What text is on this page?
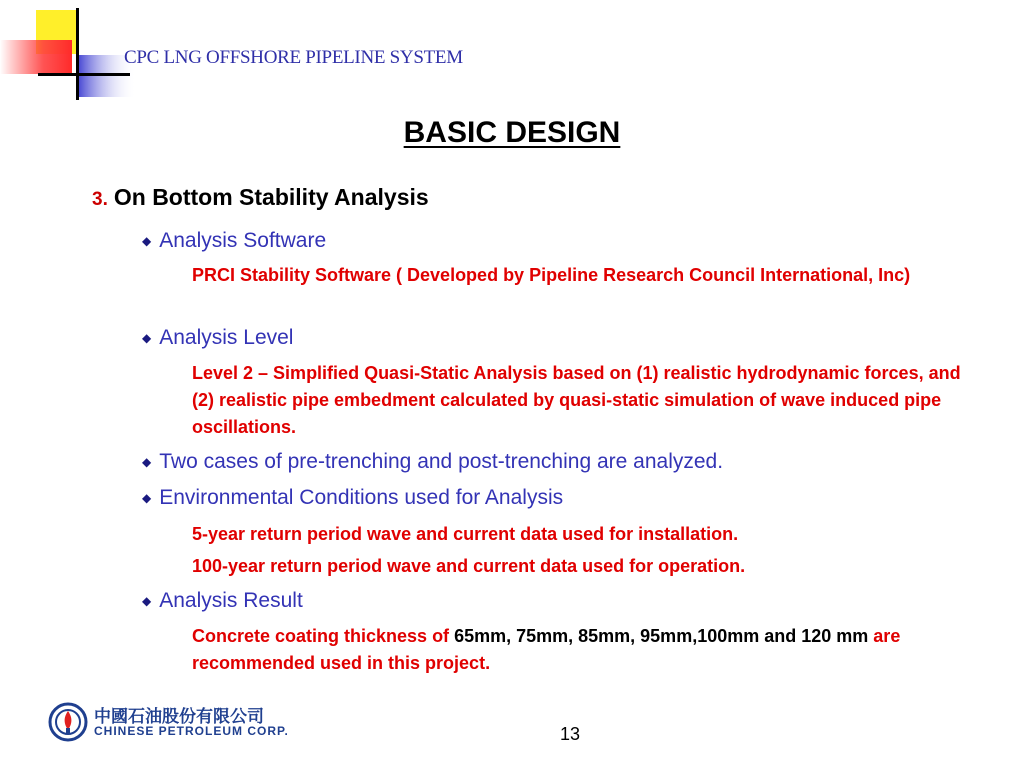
CPC LNG OFFSHORE PIPELINE SYSTEM
BASIC DESIGN
3. On Bottom Stability Analysis
◆ Analysis Software
PRCI Stability Software ( Developed by Pipeline Research Council International, Inc)
◆ Analysis Level
Level 2 – Simplified Quasi-Static Analysis based on (1) realistic hydrodynamic forces, and (2) realistic pipe embedment calculated by quasi-static simulation of wave induced pipe oscillations.
◆ Two cases of pre-trenching and post-trenching are analyzed.
◆ Environmental Conditions used for Analysis
5-year return period wave and current data used for installation.
100-year return period wave and current data used for operation.
◆ Analysis Result
Concrete coating thickness of 65mm, 75mm, 85mm, 95mm,100mm and 120 mm are recommended used in this project.
中國石油股份有限公司
CHINESE PETROLEUM CORP.	13
